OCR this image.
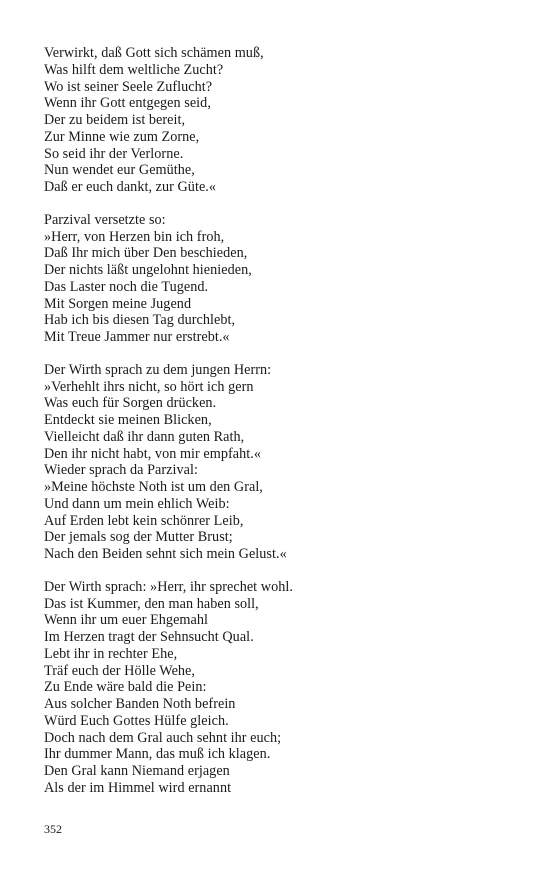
Verwirkt, daß Gott sich schämen muß,
Was hilft dem weltliche Zucht?
Wo ist seiner Seele Zuflucht?
Wenn ihr Gott entgegen seid,
Der zu beidem ist bereit,
Zur Minne wie zum Zorne,
So seid ihr der Verlorne.
Nun wendet eur Gemüthe,
Daß er euch dankt, zur Güte.«
Parzival versetzte so:
»Herr, von Herzen bin ich froh,
Daß Ihr mich über Den beschieden,
Der nichts läßt ungelohnt hienieden,
Das Laster noch die Tugend.
Mit Sorgen meine Jugend
Hab ich bis diesen Tag durchlebt,
Mit Treue Jammer nur erstrebt.«
Der Wirth sprach zu dem jungen Herrn:
»Verhehlt ihrs nicht, so hört ich gern
Was euch für Sorgen drücken.
Entdeckt sie meinen Blicken,
Vielleicht daß ihr dann guten Rath,
Den ihr nicht habt, von mir empfaht.«
Wieder sprach da Parzival:
»Meine höchste Noth ist um den Gral,
Und dann um mein ehlich Weib:
Auf Erden lebt kein schönrer Leib,
Der jemals sog der Mutter Brust;
Nach den Beiden sehnt sich mein Gelust.«
Der Wirth sprach: »Herr, ihr sprechet wohl.
Das ist Kummer, den man haben soll,
Wenn ihr um euer Ehgemahl
Im Herzen tragt der Sehnsucht Qual.
Lebt ihr in rechter Ehe,
Träf euch der Hölle Wehe,
Zu Ende wäre bald die Pein:
Aus solcher Banden Noth befrein
Würd Euch Gottes Hülfe gleich.
Doch nach dem Gral auch sehnt ihr euch;
Ihr dummer Mann, das muß ich klagen.
Den Gral kann Niemand erjagen
Als der im Himmel wird ernannt
352
